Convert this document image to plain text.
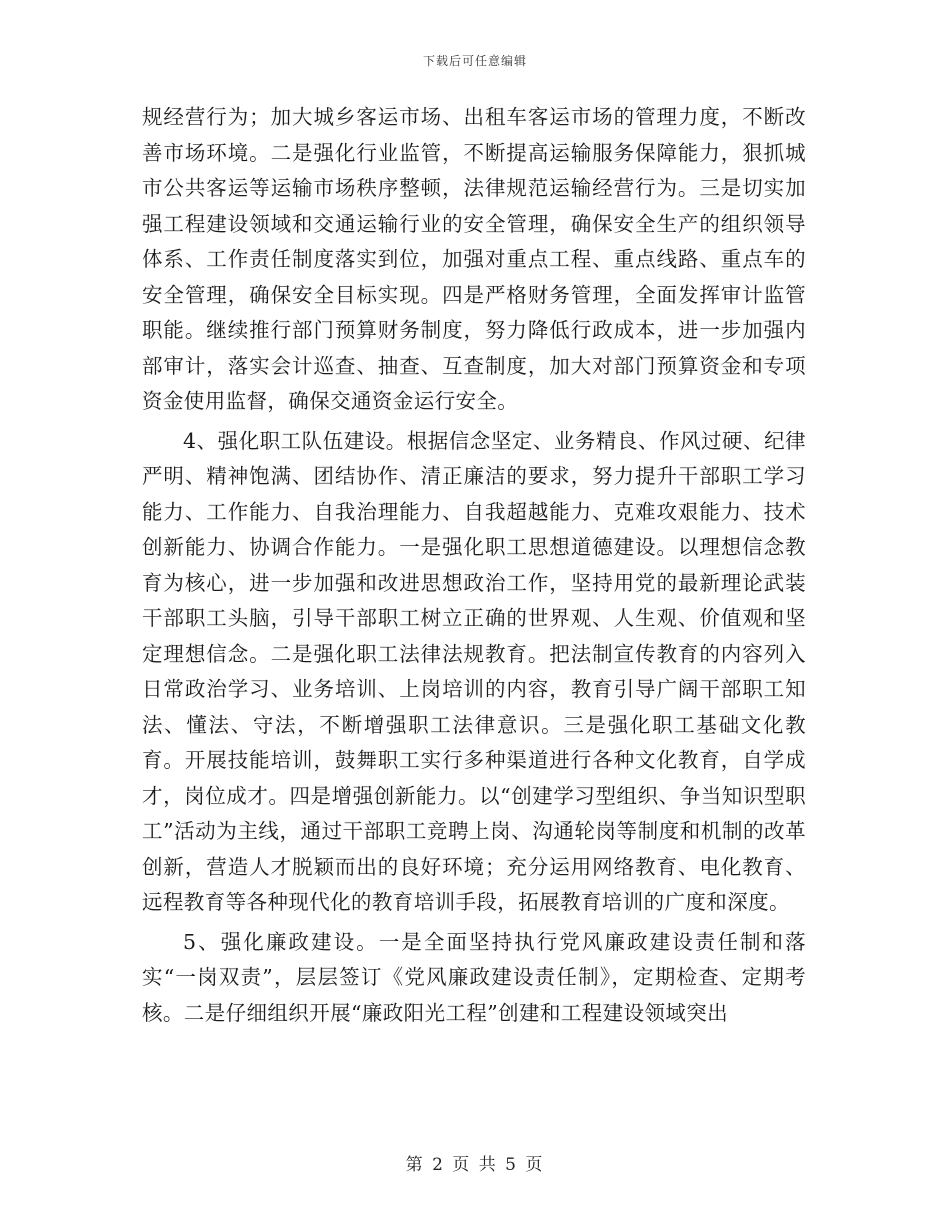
下载后可任意编辑

规经营行为；加大城乡客运市场、出租车客运市场的管理力度，不断改善市场环境。二是强化行业监管，不断提高运输服务保障能力，狠抓城市公共客运等运输市场秩序整顿，法律规范运输经营行为。三是切实加强工程建设领域和交通运输行业的安全管理，确保安全生产的组织领导体系、工作责任制度落实到位，加强对重点工程、重点线路、重点车的安全管理，确保安全目标实现。四是严格财务管理，全面发挥审计监管职能。继续推行部门预算财务制度，努力降低行政成本，进一步加强内部审计，落实会计巡查、抽查、互查制度，加大对部门预算资金和专项资金使用监督，确保交通资金运行安全。

4、强化职工队伍建设。根据信念坚定、业务精良、作风过硬、纪律严明、精神饱满、团结协作、清正廉洁的要求，努力提升干部职工学习能力、工作能力、自我治理能力、自我超越能力、克难攻艰能力、技术创新能力、协调合作能力。一是强化职工思想道德建设。以理想信念教育为核心，进一步加强和改进思想政治工作，坚持用党的最新理论武装干部职工头脑，引导干部职工树立正确的世界观、人生观、价值观和坚定理想信念。二是强化职工法律法规教育。把法制宣传教育的内容列入日常政治学习、业务培训、上岗培训的内容，教育引导广阔干部职工知法、懂法、守法，不断增强职工法律意识。三是强化职工基础文化教育。开展技能培训，鼓舞职工实行多种渠道进行各种文化教育，自学成才，岗位成才。四是增强创新能力。以“创建学习型组织、争当知识型职工”活动为主线，通过干部职工竞聘上岗、沟通轮岗等制度和机制的改革创新，营造人才脱颖而出的良好环境；充分运用网络教育、电化教育、远程教育等各种现代化的教育培训手段，拓展教育培训的广度和深度。

5、强化廉政建设。一是全面坚持执行党风廉政建设责任制和落实“一岗双责”，层层签订《党风廉政建设责任制》，定期检查、定期考核。二是仔细组织开展“廉政阳光工程”创建和工程建设领域突出

第 2 页 共 5 页
